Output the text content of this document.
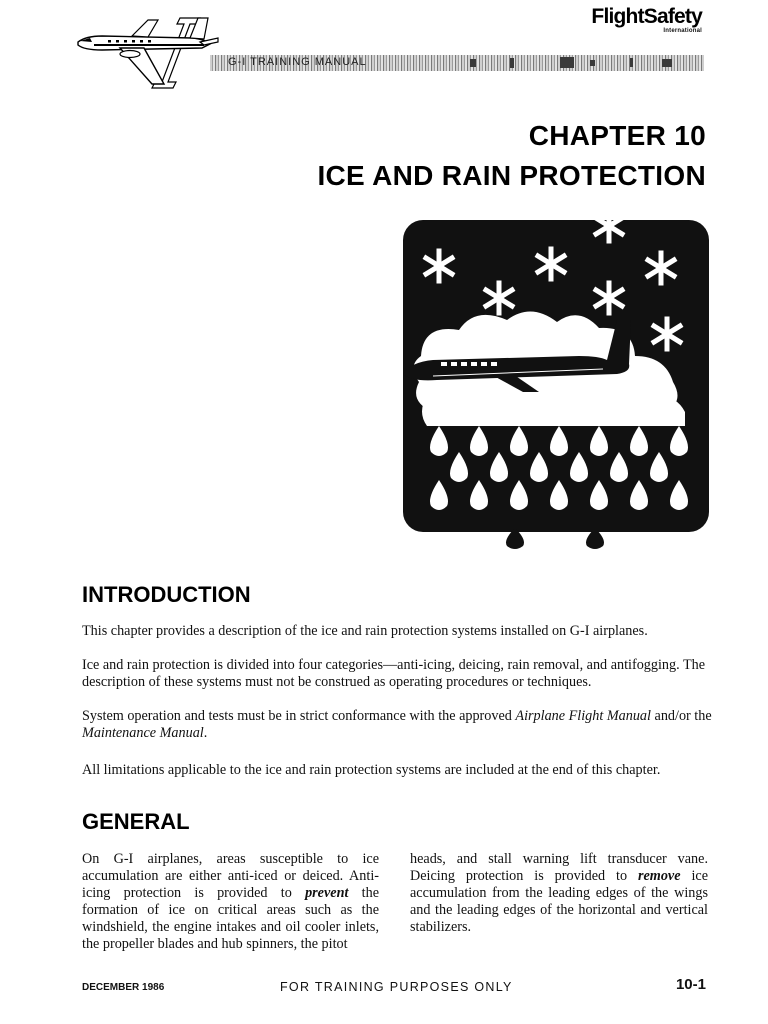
FlightSafety
International
G-I TRAINING MANUAL
CHAPTER 10
ICE AND RAIN PROTECTION
INTRODUCTION
This chapter provides a description of the ice and rain protection systems installed on G-I airplanes.
Ice and rain protection is divided into four categories—anti-icing, deicing, rain removal, and antifogging. The description of these systems must not be construed as operating procedures or techniques.
System operation and tests must be in strict conformance with the approved Airplane Flight Manual and/or the Maintenance Manual.
All limitations applicable to the ice and rain protection systems are included at the end of this chapter.
GENERAL
On G-I airplanes, areas susceptible to ice accumulation are either anti-iced or deiced. Anti-icing protection is provided to prevent the formation of ice on critical areas such as the windshield, the engine intakes and oil cooler inlets, the propeller blades and hub spinners, the pitot
heads, and stall warning lift transducer vane. Deicing protection is provided to remove ice accumulation from the leading edges of the wings and the leading edges of the horizontal and vertical stabilizers.
DECEMBER 1986	FOR TRAINING PURPOSES ONLY	10-1
